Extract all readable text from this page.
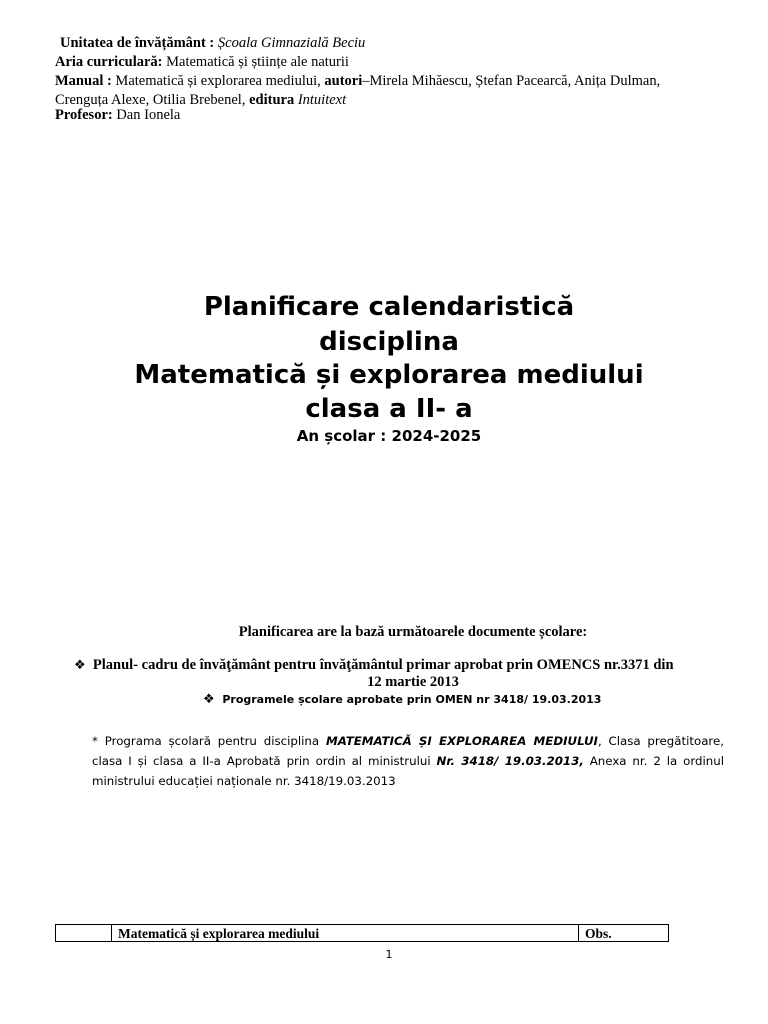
Unitatea de învățământ : Școala Gimnazială Beciu
Aria curriculară: Matematică și științe ale naturii
Manual : Matematică și explorarea mediului, autori–Mirela Mihăescu, Ștefan Pacearcă, Anița Dulman,
Crenguța Alexe, Otilia Brebenel, editura Intuitext
Profesor: Dan Ionela
Planificare calendaristică
disciplina
Matematică și explorarea mediului
clasa a II- a
An școlar : 2024-2025
Planificarea are la bază următoarele documente școlare:
❖ Planul- cadru de învăţământ pentru învăţământul primar aprobat prin OMENCS nr.3371 din
12 martie 2013
❖ Programele școlare aprobate prin OMEN nr 3418/ 19.03.2013
* Programa școlară pentru disciplina MATEMATICĂ ȘI EXPLORAREA MEDIULUI, Clasa pregătitoare, clasa I și clasa a II-a Aprobată prin ordin al ministrului Nr. 3418/ 19.03.2013, Anexa nr. 2 la ordinul ministrului educației naționale nr. 3418/19.03.2013
	Matematică și explorarea mediului	Obs.
1
